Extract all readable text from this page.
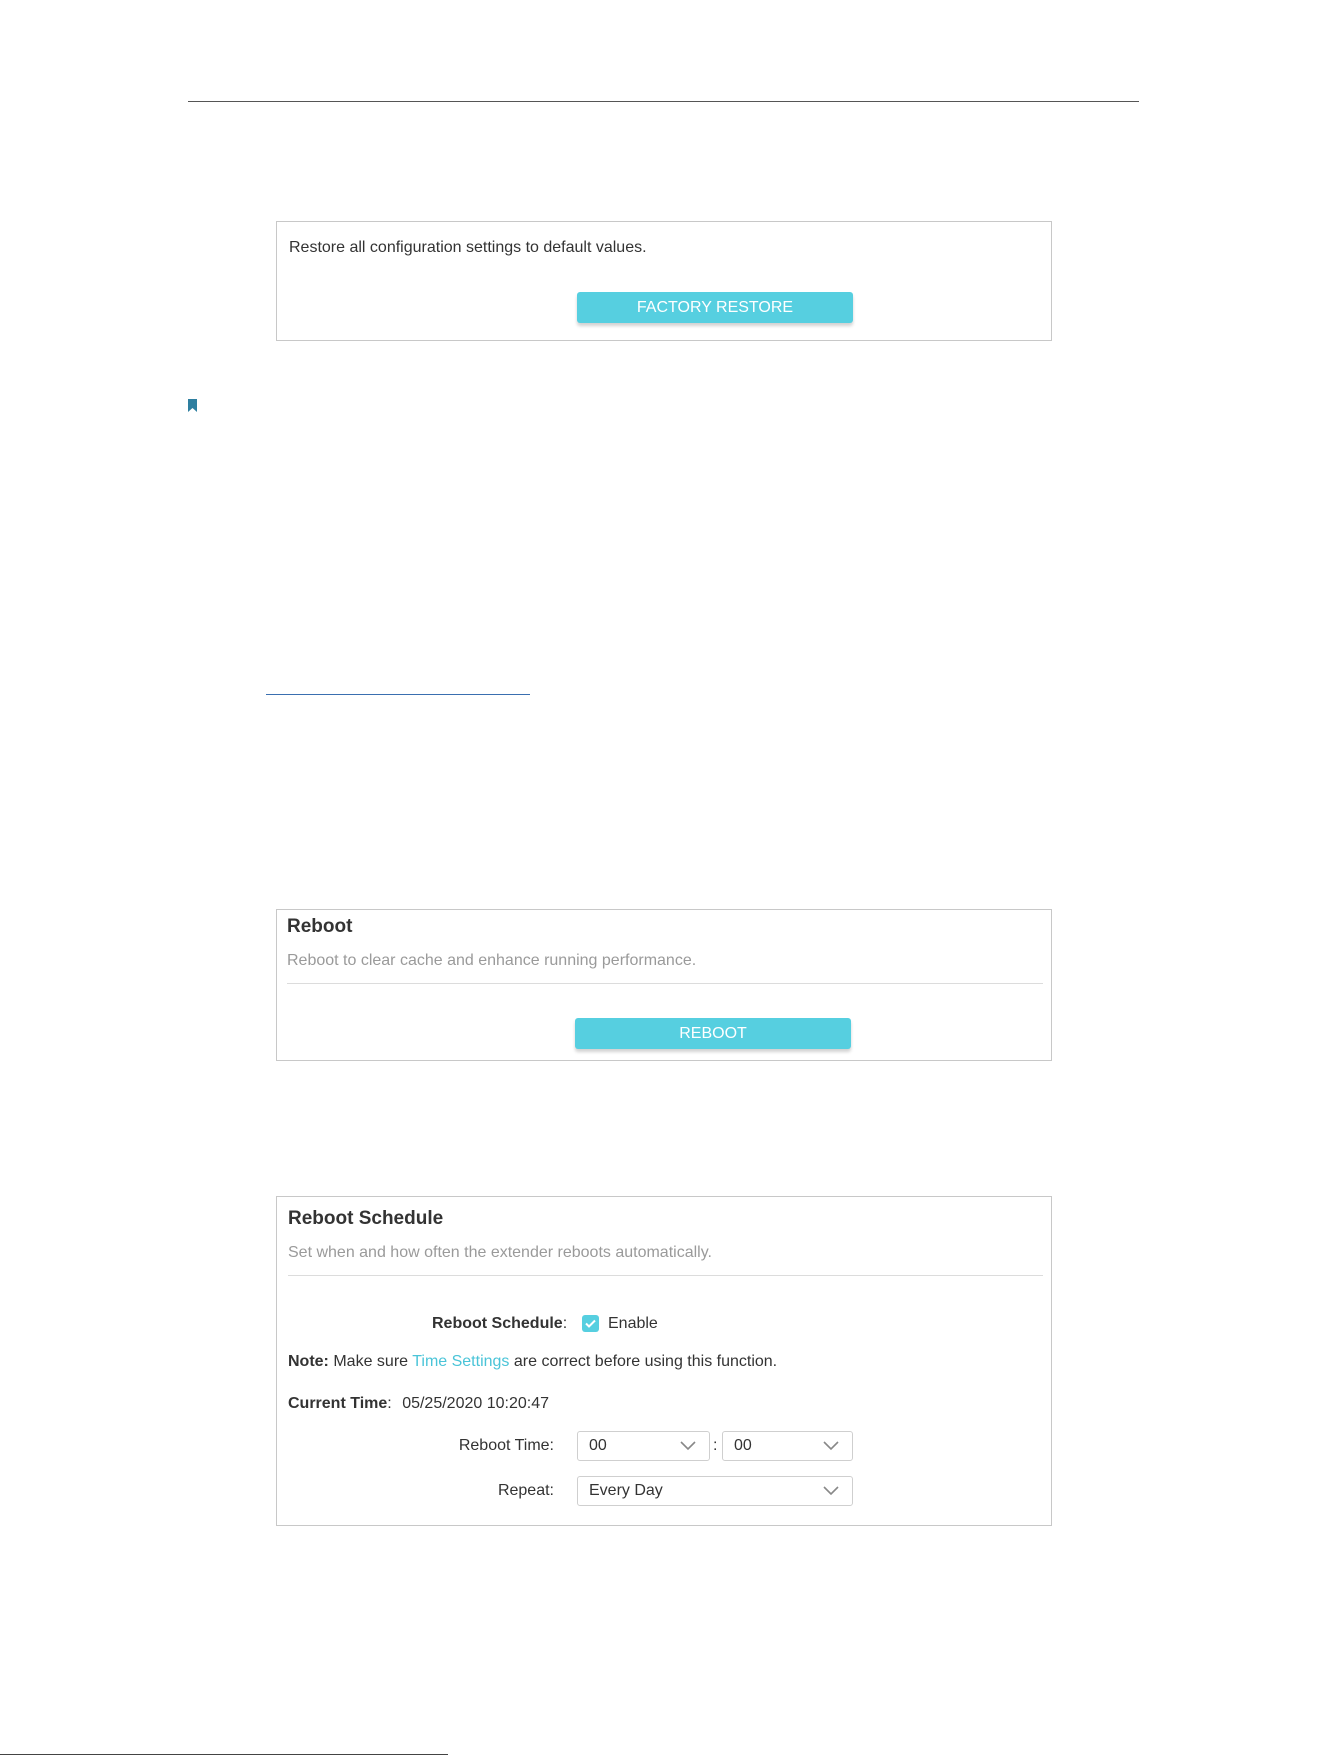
Restore all configuration settings to default values.
FACTORY RESTORE
Reboot
Reboot to clear cache and enhance running performance.
REBOOT
Reboot Schedule
Set when and how often the extender reboots automatically.
Reboot Schedule:	Enable
Note: Make sure Time Settings are correct before using this function.
Current Time: 05/25/2020 10:20:47
Reboot Time: 00	: 00
Repeat: Every Day
